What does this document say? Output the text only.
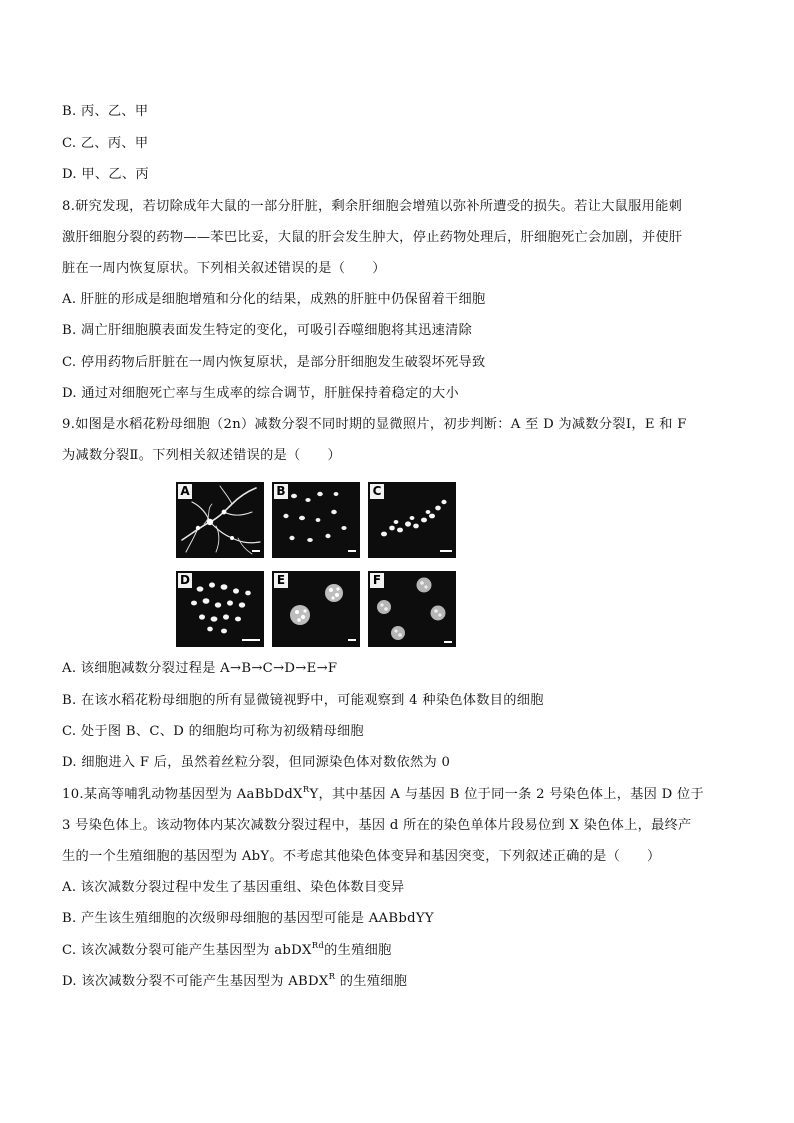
B. 丙、乙、甲
C. 乙、丙、甲
D. 甲、乙、丙
8.研究发现，若切除成年大鼠的一部分肝脏，剩余肝细胞会增殖以弥补所遭受的损失。若让大鼠服用能刺
激肝细胞分裂的药物——苯巴比妥，大鼠的肝会发生肿大，停止药物处理后，肝细胞死亡会加剧，并使肝
脏在一周内恢复原状。下列相关叙述错误的是（　　）
A. 肝脏的形成是细胞增殖和分化的结果，成熟的肝脏中仍保留着干细胞
B. 凋亡肝细胞膜表面发生特定的变化，可吸引吞噬细胞将其迅速清除
C. 停用药物后肝脏在一周内恢复原状，是部分肝细胞发生破裂坏死导致
D. 通过对细胞死亡率与生成率的综合调节，肝脏保持着稳定的大小
9.如图是水稻花粉母细胞（2n）减数分裂不同时期的显微照片，初步判断：A 至 D 为减数分裂Ⅰ，E 和 F
为减数分裂Ⅱ。下列相关叙述错误的是（　　）
A	B	C
D	E	F
A. 该细胞减数分裂过程是 A→B→C→D→E→F
B. 在该水稻花粉母细胞的所有显微镜视野中，可能观察到 4 种染色体数目的细胞
C. 处于图 B、C、D 的细胞均可称为初级精母细胞
D. 细胞进入 F 后，虽然着丝粒分裂，但同源染色体对数依然为 0
10.某高等哺乳动物基因型为 AaBbDdX$^R$Y，其中基因 A 与基因 B 位于同一条 2 号染色体上，基因 D 位于
3 号染色体上。该动物体内某次减数分裂过程中，基因 d 所在的染色单体片段易位到 X 染色体上，最终产
生的一个生殖细胞的基因型为 AbY。不考虑其他染色体变异和基因突变，下列叙述正确的是（　　）
A. 该次减数分裂过程中发生了基因重组、染色体数目变异
B. 产生该生殖细胞的次级卵母细胞的基因型可能是 AABbdYY
C. 该次减数分裂可能产生基因型为 abDX$^{Rd}$的生殖细胞
D. 该次减数分裂不可能产生基因型为 $ABDX^R$ 的生殖细胞
